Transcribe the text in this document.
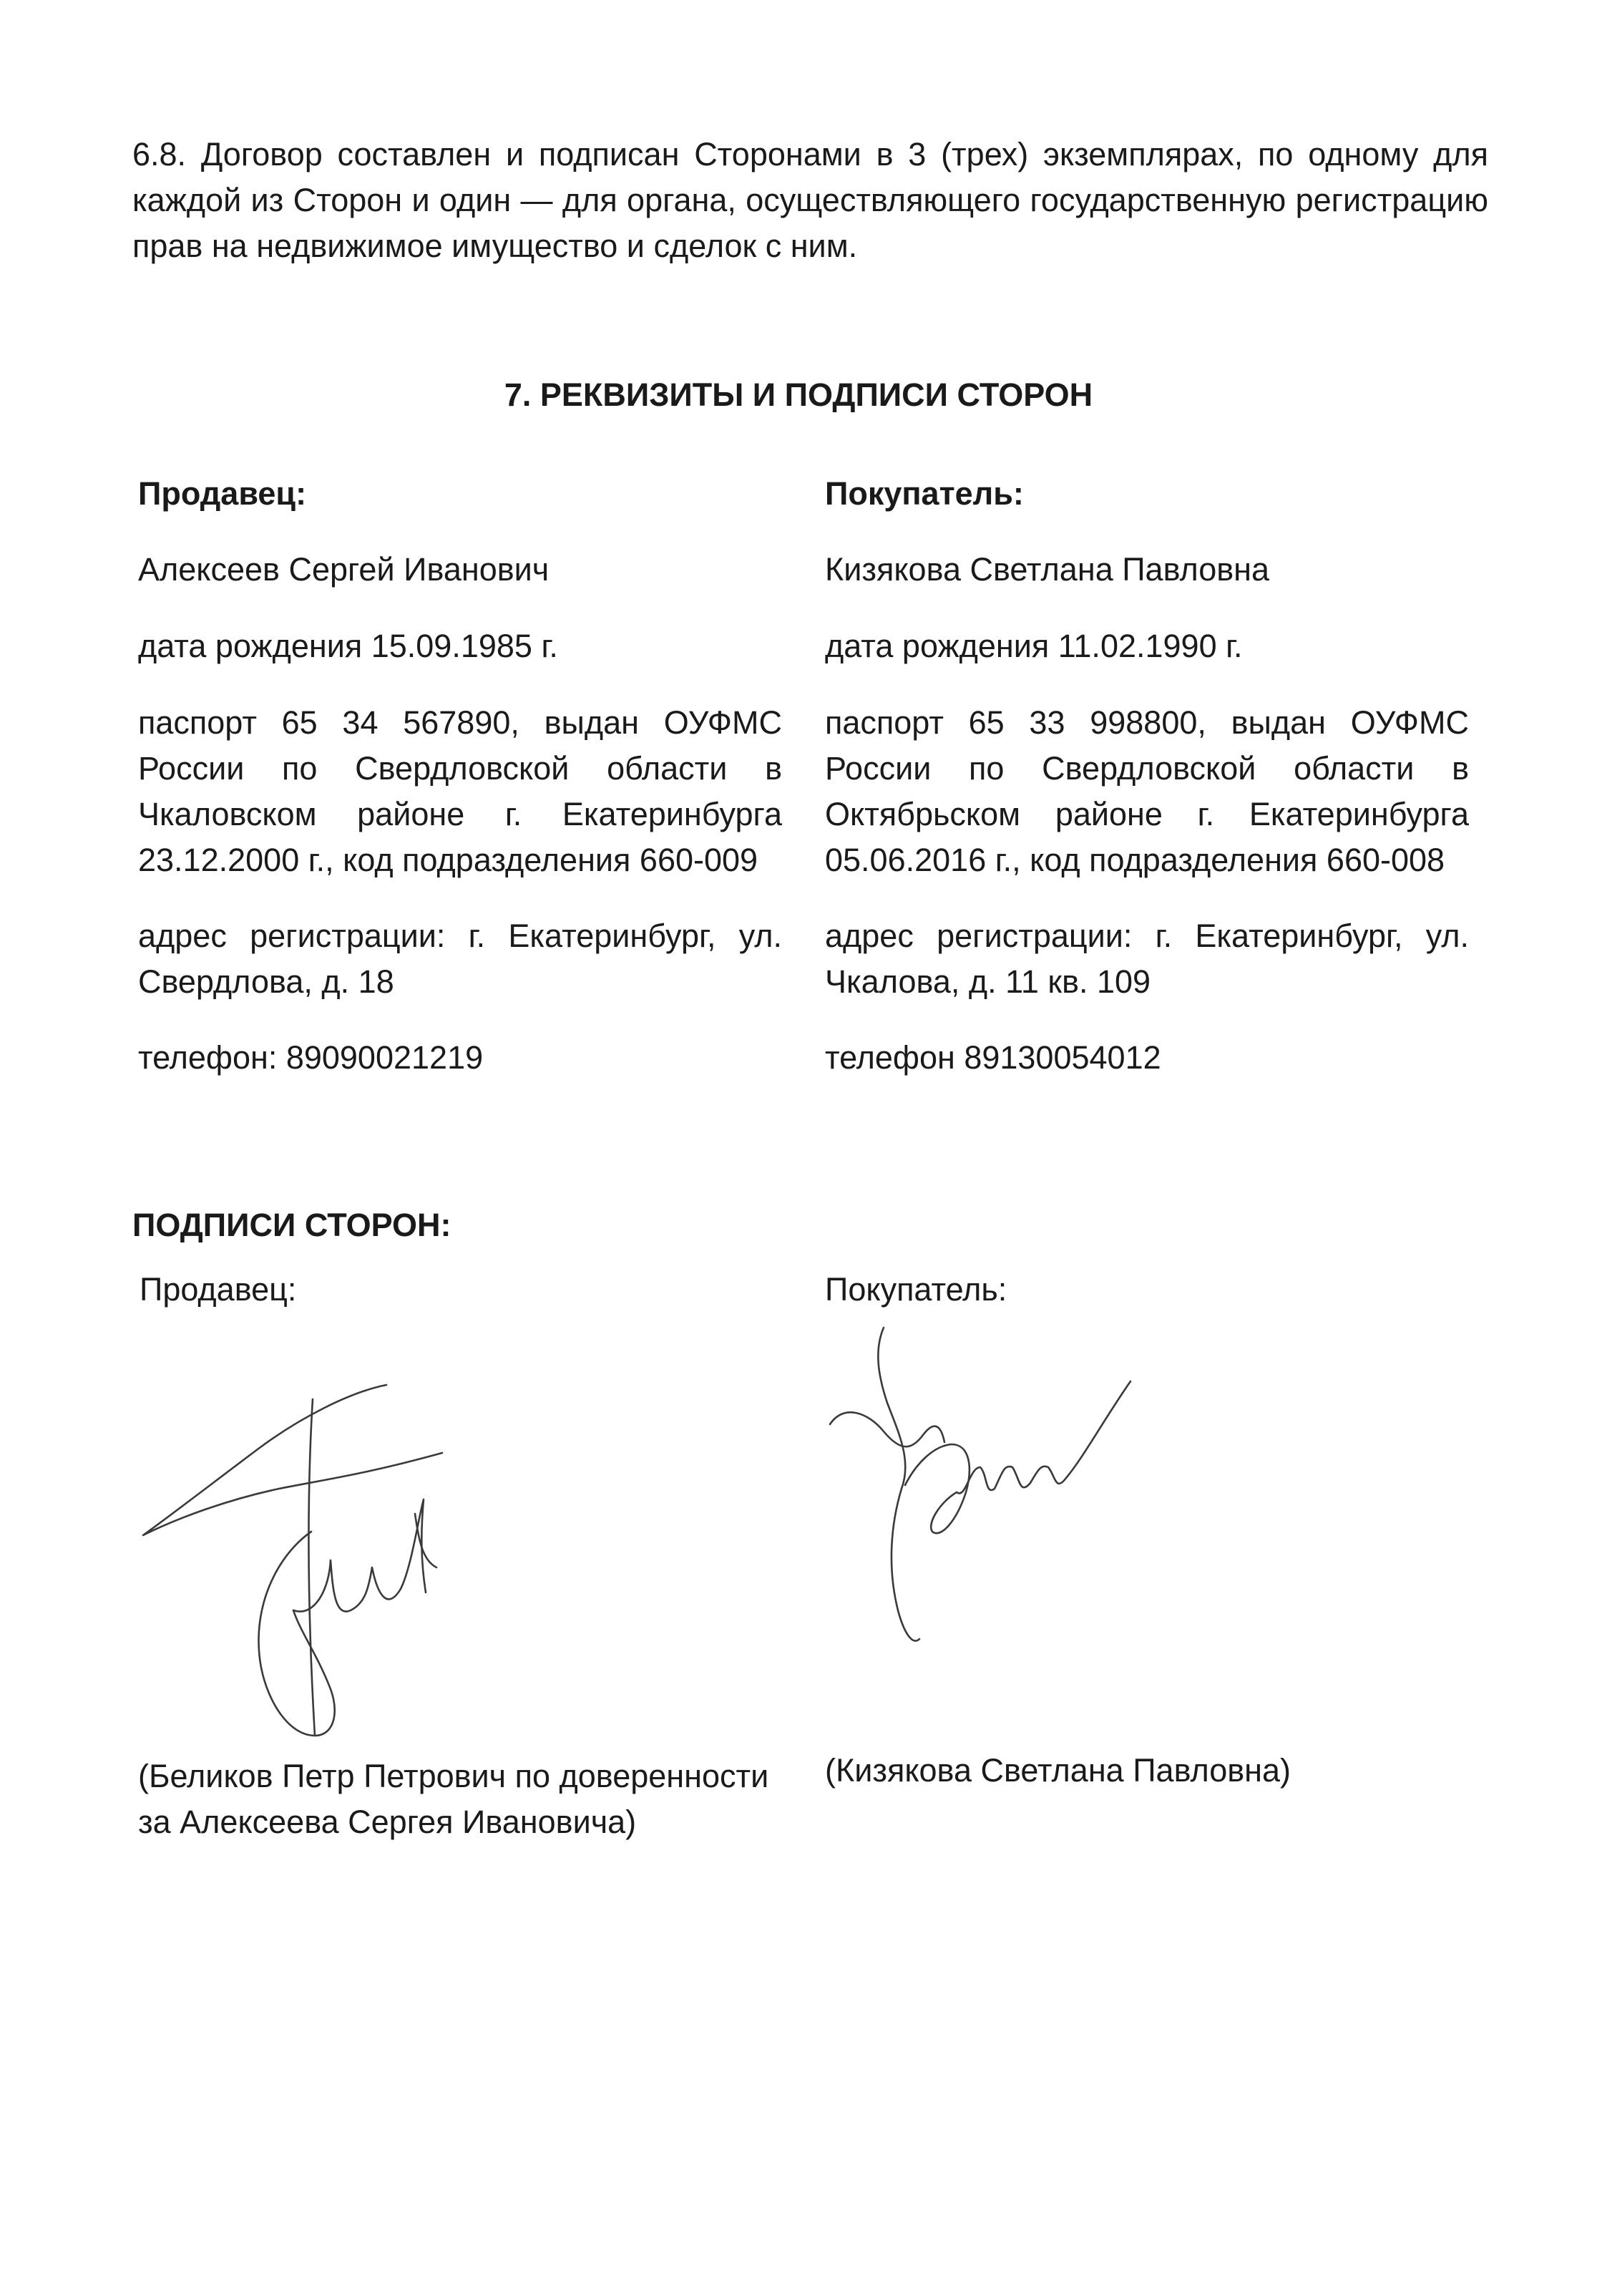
6.8. Договор составлен и подписан Сторонами в 3 (трех) экземплярах, по одному для каждой из Сторон и один — для органа, осуществляющего государственную регистрацию прав на недвижимое имущество и сделок с ним.

7. РЕКВИЗИТЫ И ПОДПИСИ СТОРОН

Продавец:

Алексеев Сергей Иванович

дата рождения 15.09.1985 г.

паспорт 65 34 567890, выдан ОУФМС России по Свердловской области в Чкаловском районе г. Екатеринбурга 23.12.2000 г., код подразделения 660-009

адрес регистрации: г. Екатеринбург, ул. Свердлова, д. 18

телефон: 89090021219

Покупатель:

Кизякова Светлана Павловна

дата рождения 11.02.1990 г.

паспорт 65 33 998800, выдан ОУФМС России по Свердловской области в Октябрьском районе г. Екатеринбурга 05.06.2016 г., код подразделения 660-008

адрес регистрации: г. Екатеринбург, ул. Чкалова, д. 11 кв. 109

телефон 89130054012

ПОДПИСИ СТОРОН:

Продавец:	Покупатель:

(Беликов Петр Петрович по доверенности

за Алексеева Сергея Ивановича)

(Кизякова Светлана Павловна)
